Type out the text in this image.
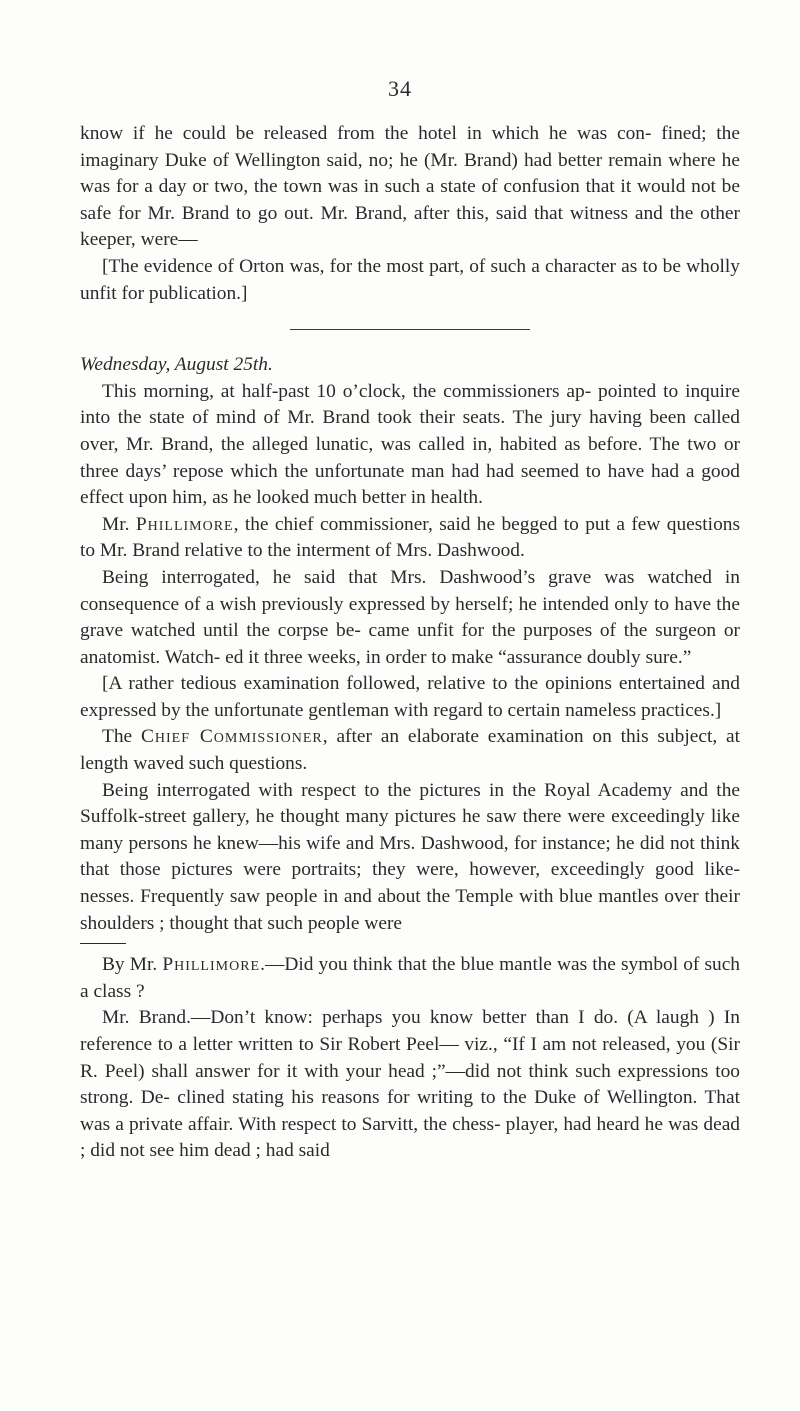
34

know if he could be released from the hotel in which he was con- fined; the imaginary Duke of Wellington said, no; he (Mr. Brand) had better remain where he was for a day or two, the town was in such a state of confusion that it would not be safe for Mr. Brand to go out. Mr. Brand, after this, said that witness and the other keeper, were—

[The evidence of Orton was, for the most part, of such a character as to be wholly unfit for publication.]

Wednesday, August 25th.

This morning, at half-past 10 o’clock, the commissioners ap- pointed to inquire into the state of mind of Mr. Brand took their seats. The jury having been called over, Mr. Brand, the alleged lunatic, was called in, habited as before. The two or three days’ repose which the unfortunate man had had seemed to have had a good effect upon him, as he looked much better in health.

Mr. Phillimore, the chief commissioner, said he begged to put a few questions to Mr. Brand relative to the interment of Mrs. Dashwood.

Being interrogated, he said that Mrs. Dashwood’s grave was watched in consequence of a wish previously expressed by herself; he intended only to have the grave watched until the corpse be- came unfit for the purposes of the surgeon or anatomist. Watch- ed it three weeks, in order to make “assurance doubly sure.”

[A rather tedious examination followed, relative to the opinions entertained and expressed by the unfortunate gentleman with regard to certain nameless practices.]

The Chief Commissioner, after an elaborate examination on this subject, at length waved such questions.

Being interrogated with respect to the pictures in the Royal Academy and the Suffolk-street gallery, he thought many pictures he saw there were exceedingly like many persons he knew—his wife and Mrs. Dashwood, for instance; he did not think that those pictures were portraits; they were, however, exceedingly good like- nesses. Frequently saw people in and about the Temple with blue mantles over their shoulders ; thought that such people were

By Mr. Phillimore.—Did you think that the blue mantle was the symbol of such a class ?

Mr. Brand.—Don’t know: perhaps you know better than I do. (A laugh ) In reference to a letter written to Sir Robert Peel— viz., “If I am not released, you (Sir R. Peel) shall answer for it with your head ;”—did not think such expressions too strong. De- clined stating his reasons for writing to the Duke of Wellington. That was a private affair. With respect to Sarvitt, the chess- player, had heard he was dead ; did not see him dead ; had said
